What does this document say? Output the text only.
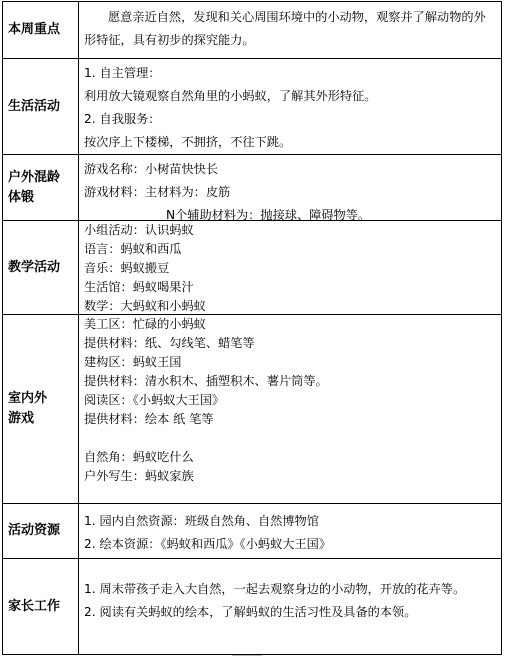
本周重点
愿意亲近自然，发现和关心周围环境中的小动物，观察并了解动物的外形特征，具有初步的探究能力。
生活活动
1. 自主管理：
利用放大镜观察自然角里的小蚂蚁，了解其外形特征。
2. 自我服务：
按次序上下楼梯，不拥挤，不往下跳。
户外混龄
体锻
游戏名称：小树苗快快长
游戏材料：主材料为：皮筋
N个辅助材料为：抛接球、障碍物等。
教学活动
小组活动：认识蚂蚁
语言：蚂蚁和西瓜
音乐：蚂蚁搬豆
生活馆：蚂蚁喝果汁
数学：大蚂蚁和小蚂蚁
室内外
游戏
美工区：忙碌的小蚂蚁
提供材料：纸、勾线笔、蜡笔等
建构区：蚂蚁王国
提供材料：清水积木、插塑积木、薯片筒等。
阅读区：《小蚂蚁大王国》
提供材料：绘本 纸 笔等
自然角：蚂蚁吃什么
户外写生：蚂蚁家族
活动资源
1. 园内自然资源：班级自然角、自然博物馆
2. 绘本资源：《蚂蚁和西瓜》《小蚂蚁大王国》
家长工作
1. 周末带孩子走入大自然，一起去观察身边的小动物，开放的花卉等。
2. 阅读有关蚂蚁的绘本，了解蚂蚁的生活习性及具备的本领。
